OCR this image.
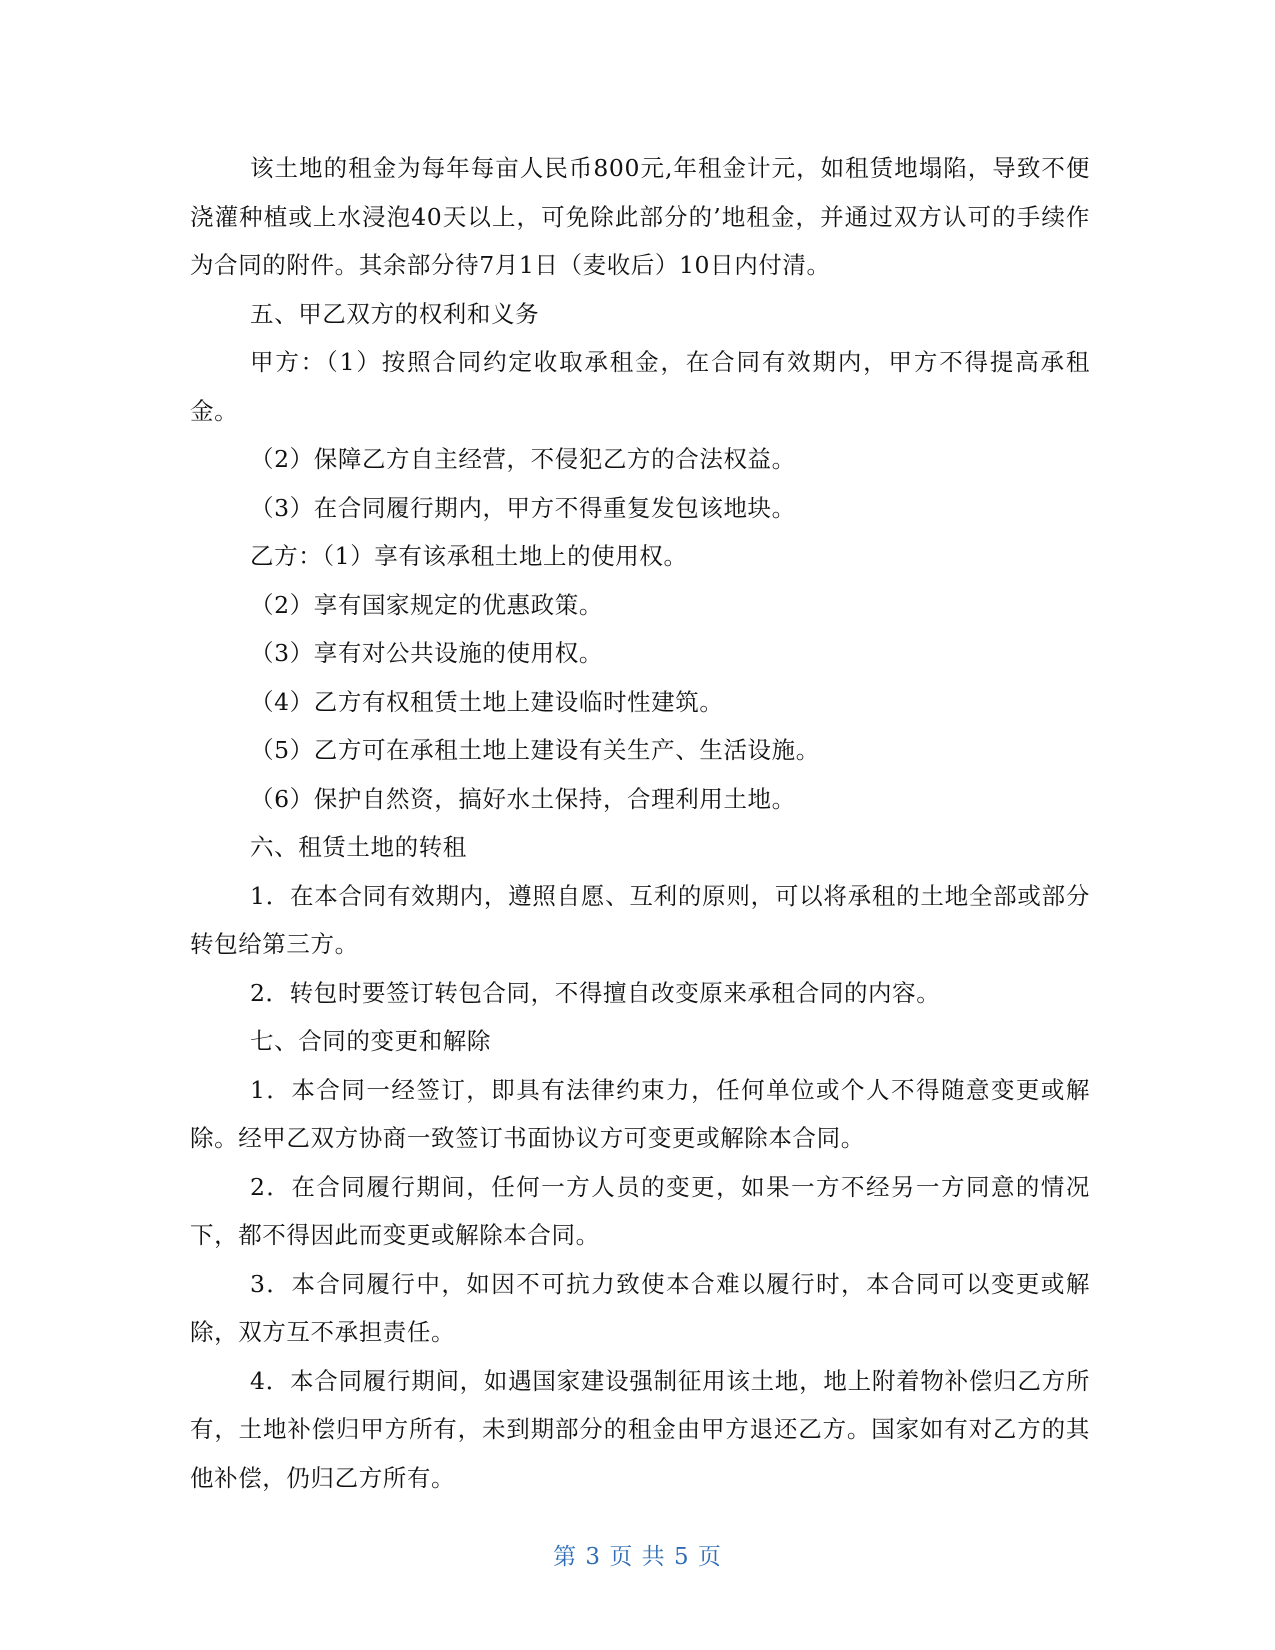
该土地的租金为每年每亩人民币800元,年租金计元，如租赁地塌陷，导致不便浇灌种植或上水浸泡40天以上，可免除此部分的’地租金，并通过双方认可的手续作为合同的附件。其余部分待7月1日（麦收后）10日内付清。

五、甲乙双方的权利和义务

甲方：（1）按照合同约定收取承租金，在合同有效期内，甲方不得提高承租金。

（2）保障乙方自主经营，不侵犯乙方的合法权益。

（3）在合同履行期内，甲方不得重复发包该地块。

乙方：（1）享有该承租土地上的使用权。

（2）享有国家规定的优惠政策。

（3）享有对公共设施的使用权。

（4）乙方有权租赁土地上建设临时性建筑。

（5）乙方可在承租土地上建设有关生产、生活设施。

（6）保护自然资，搞好水土保持，合理利用土地。

六、租赁土地的转租

1．在本合同有效期内，遵照自愿、互利的原则，可以将承租的土地全部或部分转包给第三方。

2．转包时要签订转包合同，不得擅自改变原来承租合同的内容。

七、合同的变更和解除

1．本合同一经签订，即具有法律约束力，任何单位或个人不得随意变更或解除。经甲乙双方协商一致签订书面协议方可变更或解除本合同。

2．在合同履行期间，任何一方人员的变更，如果一方不经另一方同意的情况下，都不得因此而变更或解除本合同。

3．本合同履行中，如因不可抗力致使本合难以履行时，本合同可以变更或解除，双方互不承担责任。

4．本合同履行期间，如遇国家建设强制征用该土地，地上附着物补偿归乙方所有，土地补偿归甲方所有，未到期部分的租金由甲方退还乙方。国家如有对乙方的其他补偿，仍归乙方所有。

第 3 页 共 5 页
